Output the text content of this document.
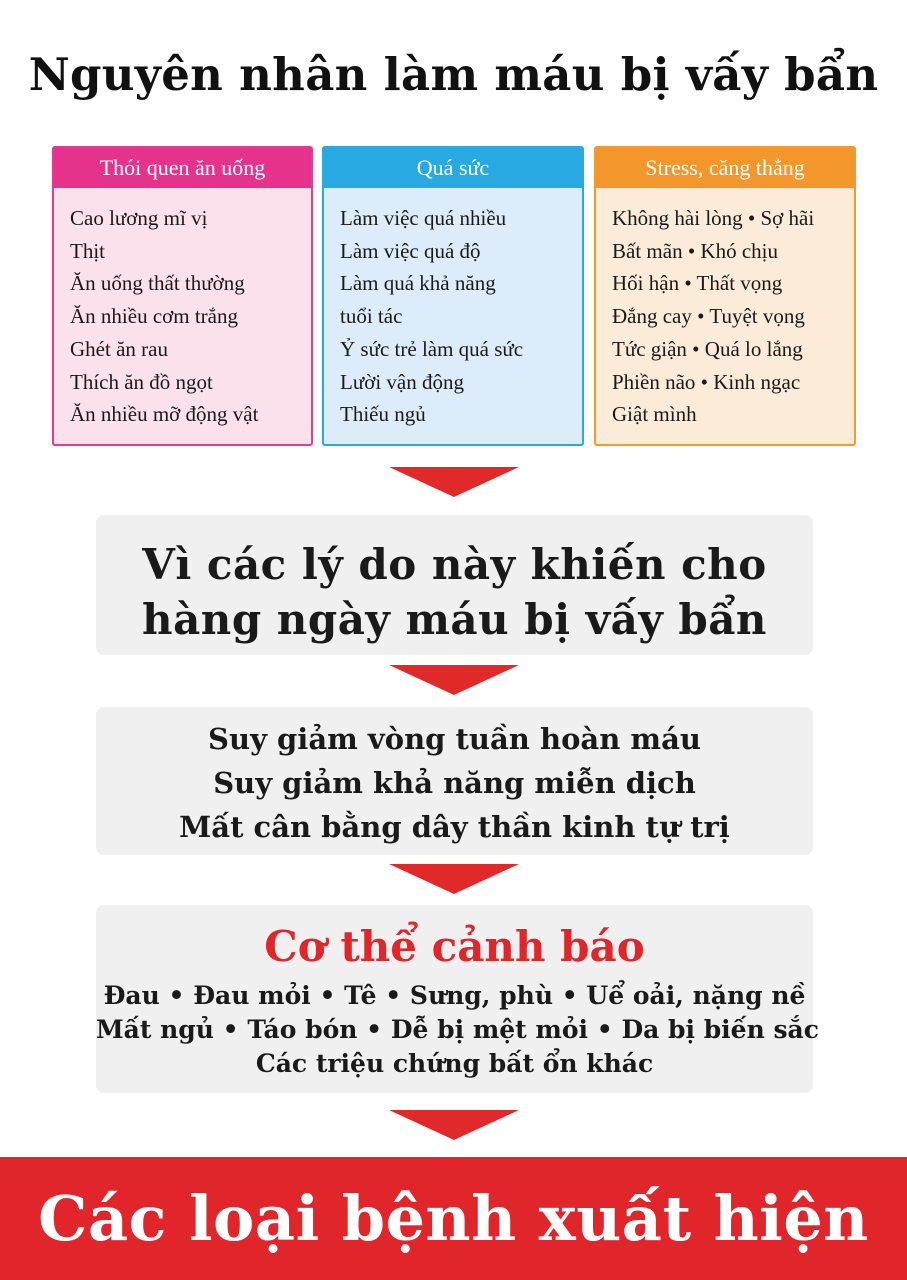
Nguyên nhân làm máu bị vấy bẩn
Thói quen ăn uống
Cao lương mĩ vị
Thịt
Ăn uống thất thường
Ăn nhiều cơm trắng
Ghét ăn rau
Thích ăn đồ ngọt
Ăn nhiều mỡ động vật
Quá sức
Làm việc quá nhiều
Làm việc quá độ
Làm quá khả năng
tuổi tác
Ỷ sức trẻ làm quá sức
Lười vận động
Thiếu ngủ
Stress, căng thẳng
Không hài lòng • Sợ hãi
Bất mãn • Khó chịu
Hối hận • Thất vọng
Đắng cay • Tuyệt vọng
Tức giận • Quá lo lắng
Phiền não • Kinh ngạc
Giật mình
Vì các lý do này khiến cho
hàng ngày máu bị vấy bẩn
Suy giảm vòng tuần hoàn máu
Suy giảm khả năng miễn dịch
Mất cân bằng dây thần kinh tự trị
Cơ thể cảnh báo
Đau • Đau mỏi • Tê • Sưng, phù • Uể oải, nặng nề
Mất ngủ • Táo bón • Dễ bị mệt mỏi • Da bị biến sắc
Các triệu chứng bất ổn khác
Các loại bệnh xuất hiện
